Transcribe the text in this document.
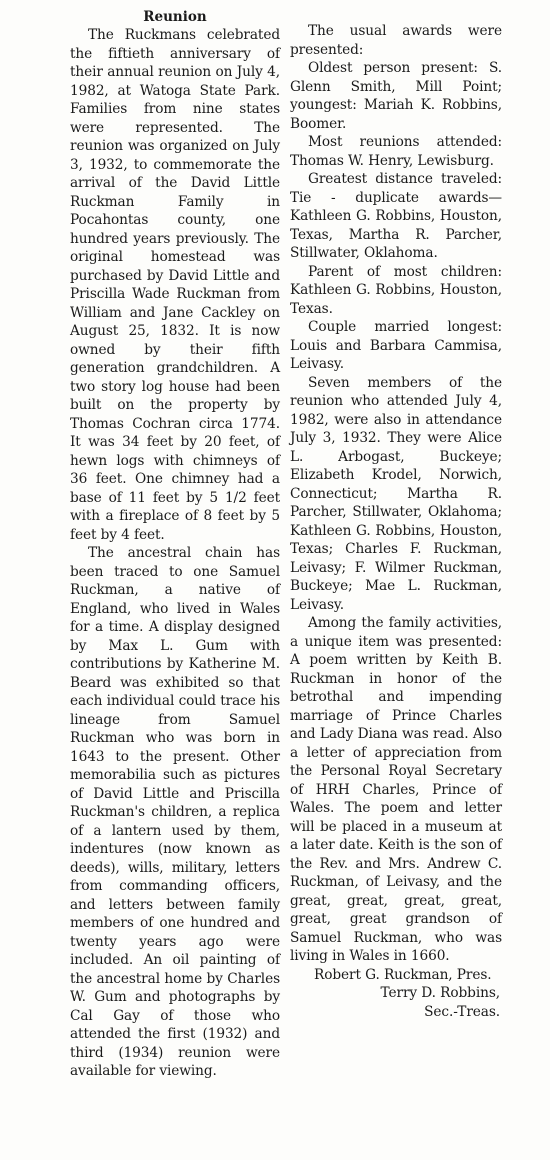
Reunion

The Ruckmans celebrated the fiftieth anniversary of their annual reunion on July 4, 1982, at Watoga State Park. Families from nine states were represented. The reunion was organized on July 3, 1932, to commemorate the arrival of the David Little Ruckman Family in Pocahontas county, one hundred years previously. The original homestead was purchased by David Little and Priscilla Wade Ruckman from William and Jane Cackley on August 25, 1832. It is now owned by their fifth generation grandchildren. A two story log house had been built on the property by Thomas Cochran circa 1774. It was 34 feet by 20 feet, of hewn logs with chimneys of 36 feet. One chimney had a base of 11 feet by 5 1/2 feet with a fireplace of 8 feet by 5 feet by 4 feet.

The ancestral chain has been traced to one Samuel Ruckman, a native of England, who lived in Wales for a time. A display designed by Max L. Gum with contributions by Katherine M. Beard was exhibited so that each individual could trace his lineage from Samuel Ruckman who was born in 1643 to the present. Other memorabilia such as pictures of David Little and Priscilla Ruckman's children, a replica of a lantern used by them, indentures (now known as deeds), wills, military, letters from commanding officers, and letters between family members of one hundred and twenty years ago were included. An oil painting of the ancestral home by Charles W. Gum and photographs by Cal Gay of those who attended the first (1932) and third (1934) reunion were available for viewing.

The usual awards were presented:

Oldest person present: S. Glenn Smith, Mill Point; youngest: Mariah K. Robbins, Boomer.

Most reunions attended: Thomas W. Henry, Lewisburg.

Greatest distance traveled: Tie - duplicate awards— Kathleen G. Robbins, Houston, Texas, Martha R. Parcher, Stillwater, Oklahoma.

Parent of most children: Kathleen G. Robbins, Houston, Texas.

Couple married longest: Louis and Barbara Cammisa, Leivasy.

Seven members of the reunion who attended July 4, 1982, were also in attendance July 3, 1932. They were Alice L. Arbogast, Buckeye; Elizabeth Krodel, Norwich, Connecticut; Martha R. Parcher, Stillwater, Oklahoma; Kathleen G. Robbins, Houston, Texas; Charles F. Ruckman, Leivasy; F. Wilmer Ruckman, Buckeye; Mae L. Ruckman, Leivasy.

Among the family activities, a unique item was presented: A poem written by Keith B. Ruckman in honor of the betrothal and impending marriage of Prince Charles and Lady Diana was read. Also a letter of appreciation from the Personal Royal Secretary of HRH Charles, Prince of Wales. The poem and letter will be placed in a museum at a later date. Keith is the son of the Rev. and Mrs. Andrew C. Ruckman, of Leivasy, and the great, great, great, great, great, great grandson of Samuel Ruckman, who was living in Wales in 1660.

Robert G. Ruckman, Pres.

Terry D. Robbins,

Sec.-Treas.
